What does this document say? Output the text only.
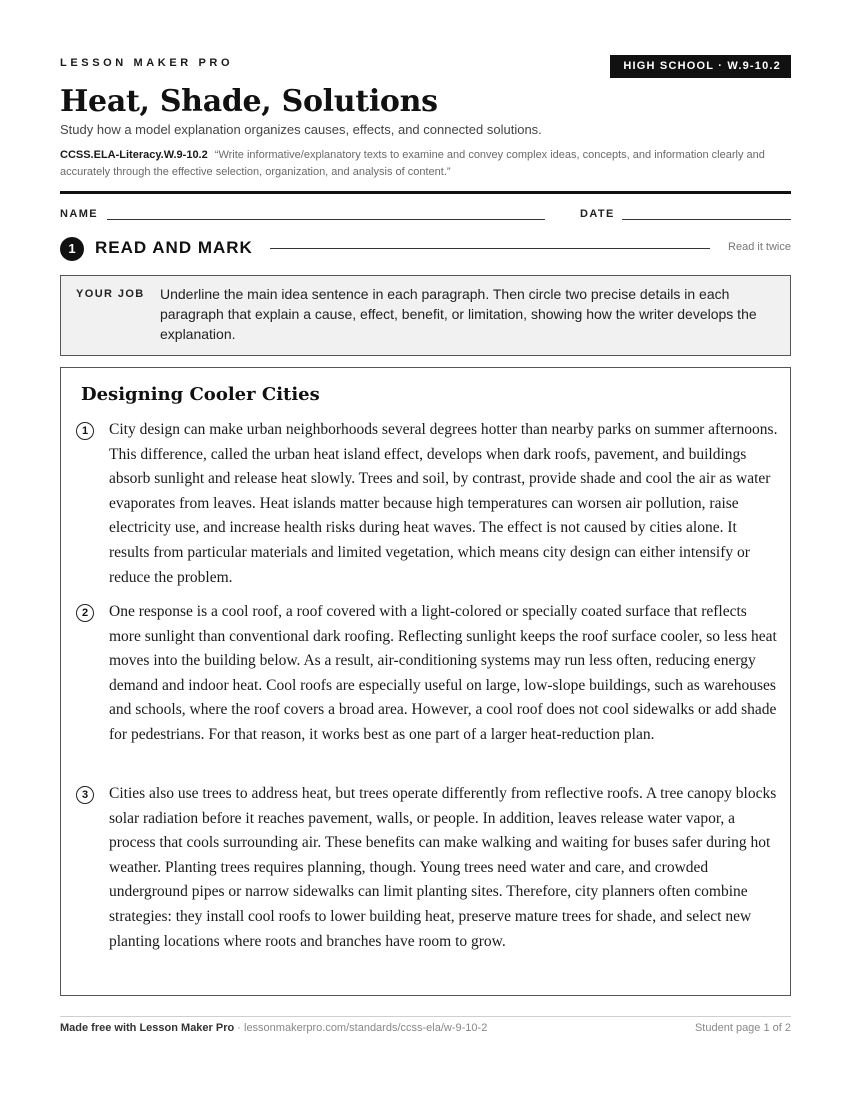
LESSON MAKER PRO	HIGH SCHOOL · W.9-10.2
Heat, Shade, Solutions
Study how a model explanation organizes causes, effects, and connected solutions.
CCSS.ELA-Literacy.W.9-10.2 “Write informative/explanatory texts to examine and convey complex ideas, concepts, and information clearly and accurately through the effective selection, organization, and analysis of content.”
NAME	DATE
1	READ AND MARK	Read it twice
YOUR JOB Underline the main idea sentence in each paragraph. Then circle two precise details in each paragraph that explain a cause, effect, benefit, or limitation, showing how the writer develops the explanation.
Designing Cooler Cities
1	City design can make urban neighborhoods several degrees hotter than nearby parks on summer afternoons. This difference, called the urban heat island effect, develops when dark roofs, pavement, and buildings absorb sunlight and release heat slowly. Trees and soil, by contrast, provide shade and cool the air as water evaporates from leaves. Heat islands matter because high temperatures can worsen air pollution, raise electricity use, and increase health risks during heat waves. The effect is not caused by cities alone. It results from particular materials and limited vegetation, which means city design can either intensify or reduce the problem.

2	One response is a cool roof, a roof covered with a light-colored or specially coated surface that reflects more sunlight than conventional dark roofing. Reflecting sunlight keeps the roof surface cooler, so less heat moves into the building below. As a result, air-conditioning systems may run less often, reducing energy demand and indoor heat. Cool roofs are especially useful on large, low-slope buildings, such as warehouses and schools, where the roof covers a broad area. However, a cool roof does not cool sidewalks or add shade for pedestrians. For that reason, it works best as one part of a larger heat-reduction plan.

3	Cities also use trees to address heat, but trees operate differently from reflective roofs. A tree canopy blocks solar radiation before it reaches pavement, walls, or people. In addition, leaves release water vapor, a process that cools surrounding air. These benefits can make walking and waiting for buses safer during hot weather. Planting trees requires planning, though. Young trees need water and care, and crowded underground pipes or narrow sidewalks can limit planting sites. Therefore, city planners often combine strategies: they install cool roofs to lower building heat, preserve mature trees for shade, and select new planting locations where roots and branches have room to grow.

Made free with Lesson Maker Pro · lessonmakerpro.com/standards/ccss-ela/w-9-10-2	Student page 1 of 2
